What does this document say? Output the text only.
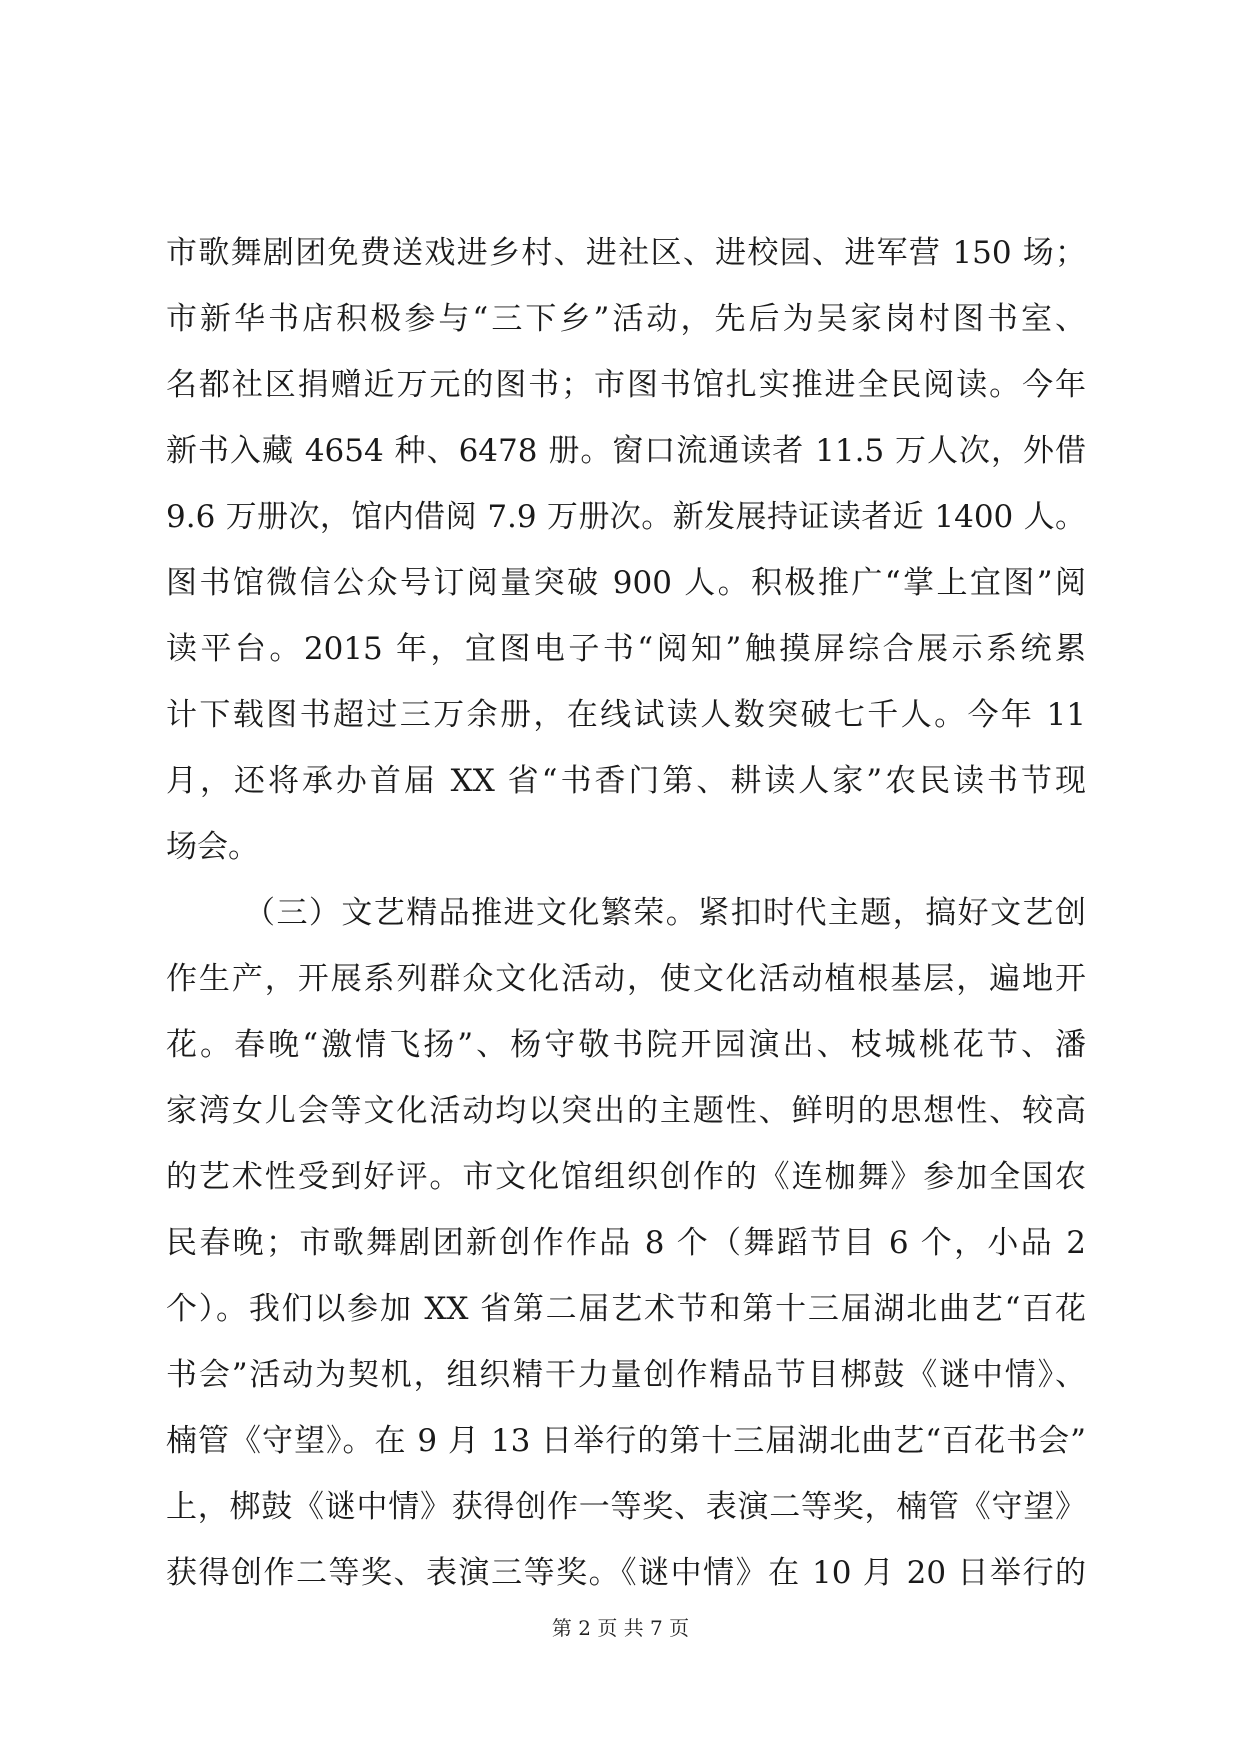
市歌舞剧团免费送戏进乡村、进社区、进校园、进军营 150 场；
市新华书店积极参与“三下乡”活动，先后为吴家岗村图书室、
名都社区捐赠近万元的图书；市图书馆扎实推进全民阅读。今年
新书入藏 4654 种、6478 册。窗口流通读者 11.5 万人次，外借
9.6 万册次，馆内借阅 7.9 万册次。新发展持证读者近 1400 人。
图书馆微信公众号订阅量突破 900 人。积极推广“掌上宜图”阅
读平台。2015 年，宜图电子书“阅知”触摸屏综合展示系统累
计下载图书超过三万余册，在线试读人数突破七千人。今年 11
月，还将承办首届 XX 省“书香门第、耕读人家”农民读书节现
场会。
（三）文艺精品推进文化繁荣。紧扣时代主题，搞好文艺创
作生产，开展系列群众文化活动，使文化活动植根基层，遍地开
花。春晚“激情飞扬”、杨守敬书院开园演出、枝城桃花节、潘
家湾女儿会等文化活动均以突出的主题性、鲜明的思想性、较高
的艺术性受到好评。市文化馆组织创作的《连枷舞》参加全国农
民春晚；市歌舞剧团新创作作品 8 个（舞蹈节目 6 个，小品 2
个）。我们以参加 XX 省第二届艺术节和第十三届湖北曲艺“百花
书会”活动为契机，组织精干力量创作精品节目梆鼓《谜中情》、
楠管《守望》。在 9 月 13 日举行的第十三届湖北曲艺“百花书会”
上，梆鼓《谜中情》获得创作一等奖、表演二等奖，楠管《守望》
获得创作二等奖、表演三等奖。《谜中情》在 10 月 20 日举行的
第 2 页 共 7 页
